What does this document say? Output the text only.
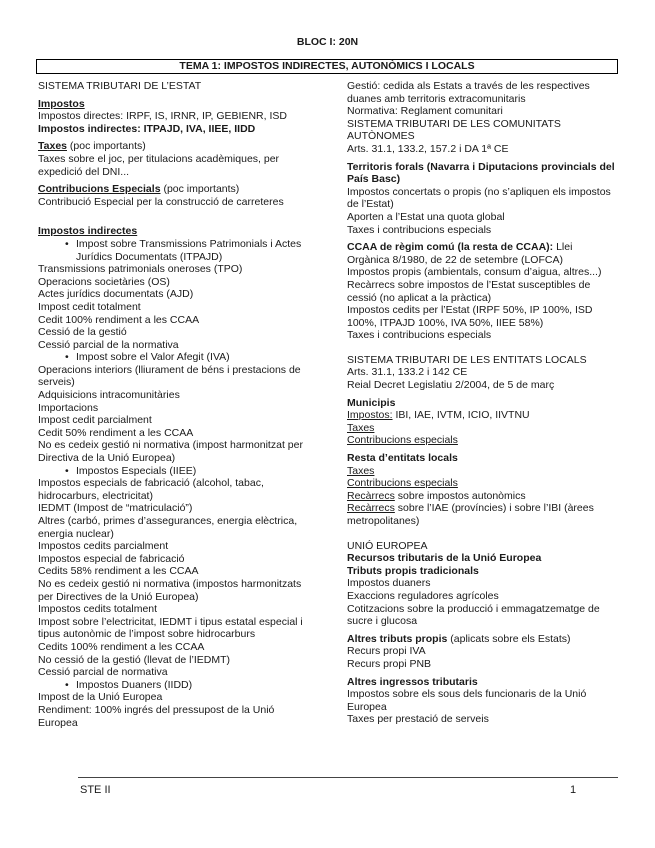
BLOC I: 20N
TEMA 1: IMPOSTOS INDIRECTES, AUTONÒMICS I LOCALS
SISTEMA TRIBUTARI DE L’ESTAT
Impostos
Impostos directes: IRPF, IS, IRNR, IP, GEBIENR, ISD
Impostos indirectes: ITPAJD, IVA, IIEE, IIDD
Taxes (poc importants)
Taxes sobre el joc, per titulacions acadèmiques, per expedició del DNI...
Contribucions Especials (poc importants)
Contribució Especial per la construcció de carreteres
Impostos indirectes
• Impost sobre Transmissions Patrimonials i Actes Jurídics Documentats (ITPAJD)
Transmissions patrimonials oneroses (TPO)
Operacions societàries (OS)
Actes jurídics documentats (AJD)
Impost cedit totalment
Cedit 100% rendiment a les CCAA
Cessió de la gestió
Cessió parcial de la normativa
• Impost sobre el Valor Afegit (IVA)
Operacions interiors (lliurament de béns i prestacions de serveis)
Adquisicions intracomunitàries
Importacions
Impost cedit parcialment
Cedit 50% rendiment a les CCAA
No es cedeix gestió ni normativa (impost harmonitzat per Directiva de la Unió Europea)
• Impostos Especials (IIEE)
Impostos especials de fabricació (alcohol, tabac, hidrocarburs, electricitat)
IEDMT (Impost de “matriculació”)
Altres (carbó, primes d’assegurances, energia elèctrica, energia nuclear)
Impostos cedits parcialment
Impostos especial de fabricació
Cedits 58% rendiment a les CCAA
No es cedeix gestió ni normativa (impostos harmonitzats per Directives de la Unió Europea)
Impostos cedits totalment
Impost sobre l’electricitat, IEDMT i tipus estatal especial i tipus autonòmic de l’impost sobre hidrocarburs
Cedits 100% rendiment a les CCAA
No cessió de la gestió (llevat de l’IEDMT)
Cessió parcial de normativa
• Impostos Duaners (IIDD)
Impost de la Unió Europea
Rendiment: 100% ingrés del pressupost de la Unió Europea
Gestió: cedida als Estats a través de les respectives duanes amb territoris extracomunitaris
Normativa: Reglament comunitari
SISTEMA TRIBUTARI DE LES COMUNITATS AUTÒNOMES
Arts. 31.1, 133.2, 157.2 i DA 1ª CE
Territoris forals (Navarra i Diputacions provincials del País Basc)
Impostos concertats o propis (no s’apliquen els impostos de l’Estat)
Aporten a l’Estat una quota global
Taxes i contribucions especials
CCAA de règim comú (la resta de CCAA): Llei Orgànica 8/1980, de 22 de setembre (LOFCA)
Impostos propis (ambientals, consum d’aigua, altres...)
Recàrrecs sobre impostos de l’Estat susceptibles de cessió (no aplicat a la pràctica)
Impostos cedits per l’Estat (IRPF 50%, IP 100%, ISD 100%, ITPAJD 100%, IVA 50%, IIEE 58%)
Taxes i contribucions especials
SISTEMA TRIBUTARI DE LES ENTITATS LOCALS
Arts. 31.1, 133.2 i 142 CE
Reial Decret Legislatiu 2/2004, de 5 de març
Municipis
Impostos: IBI, IAE, IVTM, ICIO, IIVTNU
Taxes
Contribucions especials
Resta d’entitats locals
Taxes
Contribucions especials
Recàrrecs sobre impostos autonòmics
Recàrrecs sobre l’IAE (províncies) i sobre l’IBI (àrees metropolitanes)
UNIÓ EUROPEA
Recursos tributaris de la Unió Europea
Tributs propis tradicionals
Impostos duaners
Exaccions reguladores agrícoles
Cotitzacions sobre la producció i emmagatzematge de sucre i glucosa
Altres tributs propis (aplicats sobre els Estats)
Recurs propi IVA
Recurs propi PNB
Altres ingressos tributaris
Impostos sobre els sous dels funcionaris de la Unió Europea
Taxes per prestació de serveis
STE II	1
